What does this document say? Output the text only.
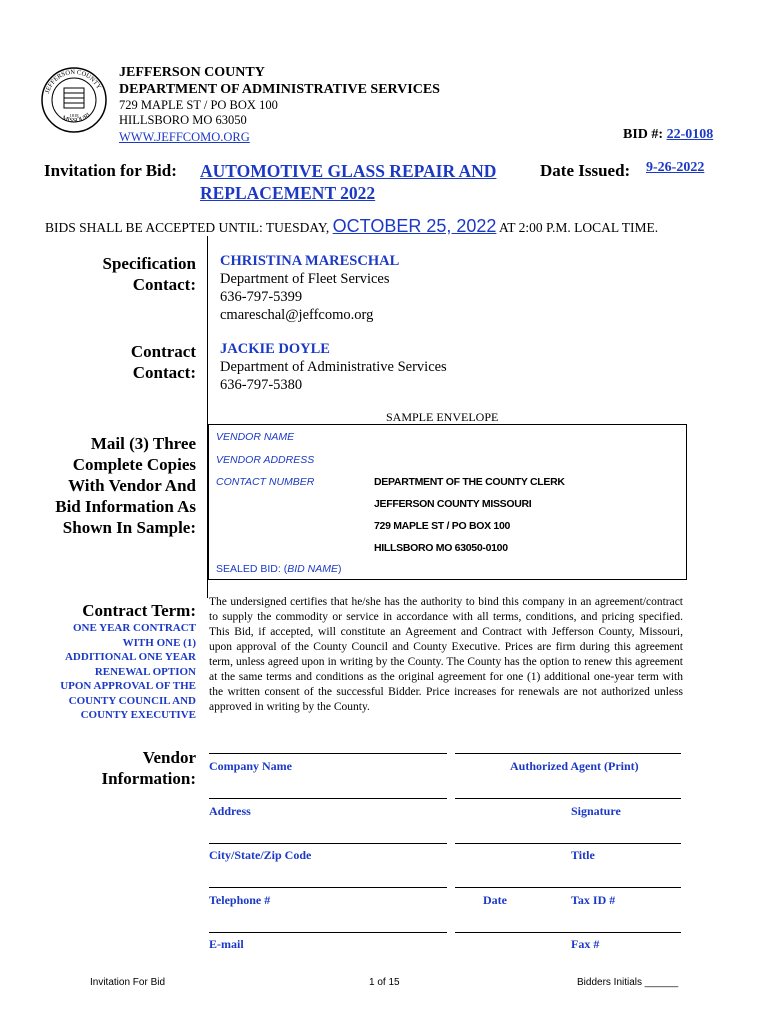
JEFFERSON COUNTY
MISSOURI
1818
JEFFERSON COUNTY
DEPARTMENT OF ADMINISTRATIVE SERVICES
729 MAPLE ST / PO BOX 100
HILLSBORO MO 63050
WWW.JEFFCOMO.ORG	BID #: 22-0108
Invitation for Bid: AUTOMOTIVE GLASS REPAIR AND
REPLACEMENT 2022
Date Issued: 9-26-2022
BIDS SHALL BE ACCEPTED UNTIL: TUESDAY, OCTOBER 25, 2022 AT 2:00 P.M. LOCAL TIME.
Specification
Contact:
CHRISTINA MARESCHAL
Department of Fleet Services
636-797-5399
cmareschal@jeffcomo.org
Contract
Contact:
JACKIE DOYLE
Department of Administrative Services
636-797-5380
SAMPLE ENVELOPE
Mail (3) Three
Complete Copies
With Vendor And
Bid Information As
Shown In Sample:
VENDOR NAME
VENDOR ADDRESS
CONTACT NUMBER	DEPARTMENT OF THE COUNTY CLERK
JEFFERSON COUNTY MISSOURI
729 MAPLE ST / PO BOX 100
HILLSBORO MO 63050-0100
SEALED BID: (BID NAME)
Contract Term:
ONE YEAR CONTRACT
WITH ONE (1)
ADDITIONAL ONE YEAR
RENEWAL OPTION
UPON APPROVAL OF THE
COUNTY COUNCIL AND
COUNTY EXECUTIVE
The undersigned certifies that he/she has the authority to bind this company in an agreement/contract to supply the commodity or service in accordance with all terms, conditions, and pricing specified. This Bid, if accepted, will constitute an Agreement and Contract with Jefferson County, Missouri, upon approval of the County Council and County Executive. Prices are firm during this agreement term, unless agreed upon in writing by the County. The County has the option to renew this agreement at the same terms and conditions as the original agreement for one (1) additional one-year term with the written consent of the successful Bidder. Price increases for renewals are not authorized unless approved in writing by the County.
Vendor
Information:
Company Name	Authorized Agent (Print)
Address	Signature
City/State/Zip Code	Title
Telephone #	Date	Tax ID #
E-mail	Fax #
Invitation For Bid	1 of 15	Bidders Initials ______
